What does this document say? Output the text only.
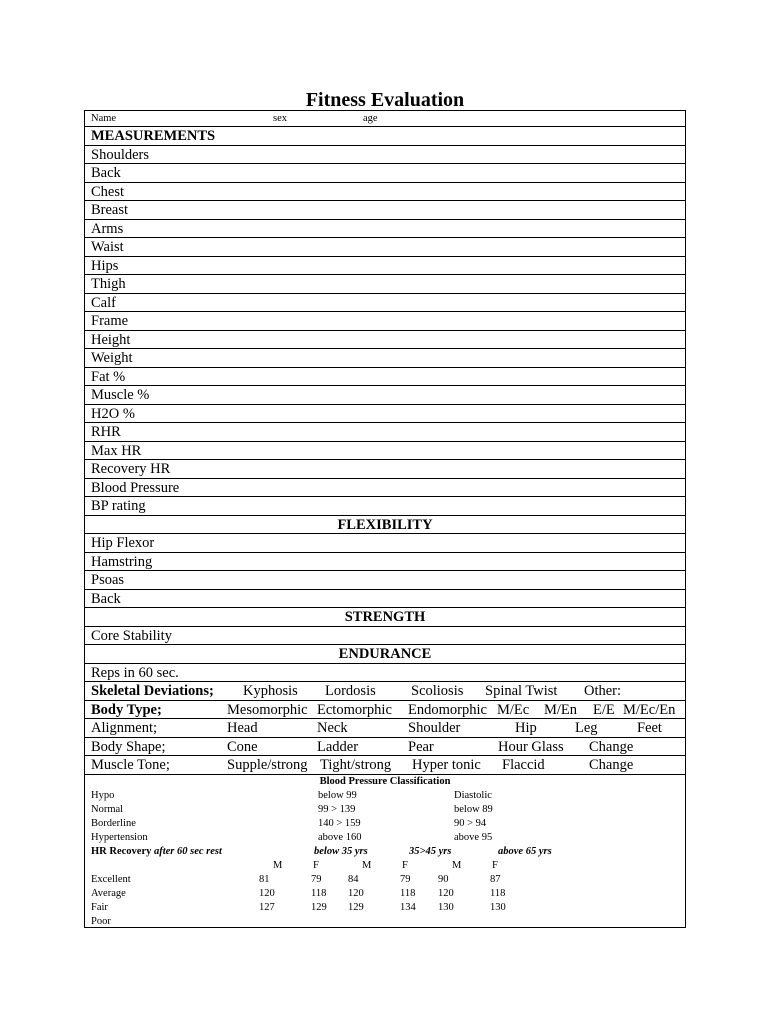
Fitness Evaluation
Name	sex	age
MEASUREMENTS
Shoulders
Back
Chest
Breast
Arms
Waist
Hips
Thigh
Calf
Frame
Height
Weight
Fat %
Muscle %
H2O %
RHR
Max HR
Recovery HR
Blood Pressure
BP rating
FLEXIBILITY
Hip Flexor
Hamstring
Psoas
Back
STRENGTH
Core Stability
ENDURANCE
Reps in 60 sec.
Skeletal Deviations; Kyphosis Lordosis Scoliosis Spinal Twist Other:
Body Type;	Mesomorphic Ectomorphic Endomorphic M/Ec M/En E/E M/Ec/En
Alignment;	Head	Neck	Shoulder	Hip	Leg	Feet
Body Shape;	Cone	Ladder	Pear	Hour Glass Change
Muscle Tone;	Supple/strong Tight/strong Hyper tonic Flaccid	Change
Blood Pressure Classification
Hypo	below 99	Diastolic
Normal	99 > 139	below 89
Borderline	140 > 159	90 > 94
Hypertension	above 160	above 95
HR Recovery after 60 sec rest	below 35 yrs	35>45 yrs	above 65 yrs
M	F	M	F	M	F
Excellent	81	79	84	79	90	87
Average	120	118 120	118 120	118
Fair	127	129 129	134 130	130
Poor
